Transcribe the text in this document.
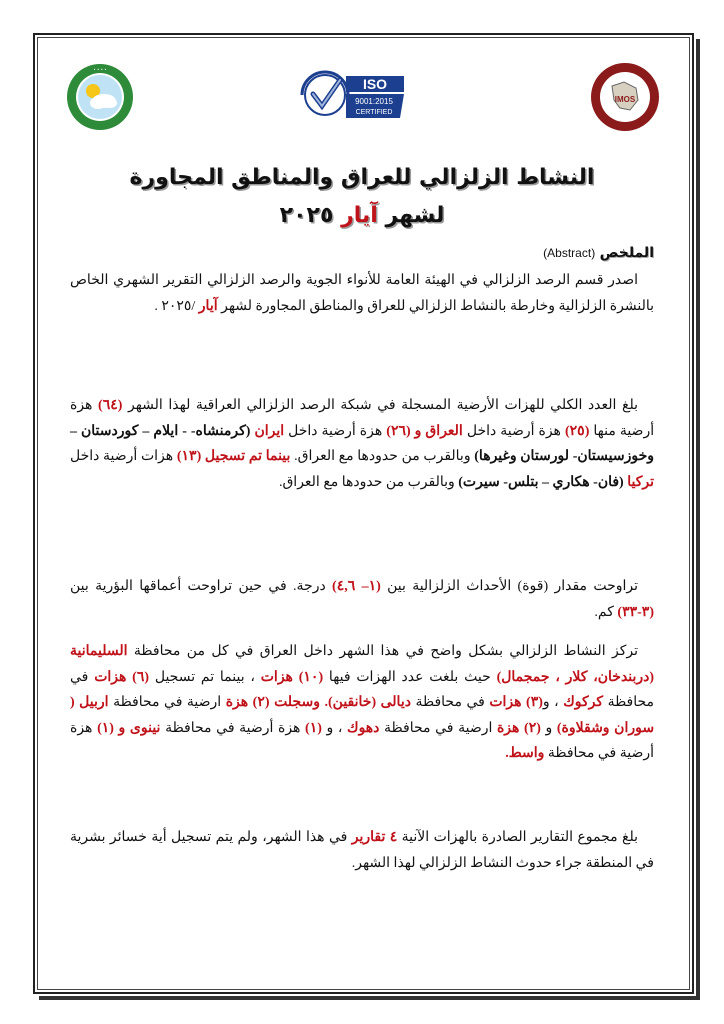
• • • •
ISO
9001:2015
CERTIFIED
IMOS
النشاط الزلزالي للعراق والمناطق المجاورة
لشهر آيار ٢٠٢٥
الملخص (Abstract)
اصدر قسم الرصد الزلزالي في الهيئة العامة للأنواء الجوية والرصد الزلزالي التقرير الشهري الخاص بالنشرة الزلزالية وخارطة بالنشاط الزلزالي للعراق والمناطق المجاورة لشهر آيار /٢٠٢٥ .
بلغ العدد الكلي للهزات الأرضية المسجلة في شبكة الرصد الزلزالي العراقية لهذا الشهر (٦٤) هزة أرضية منها (٢٥) هزة أرضية داخل العراق و (٢٦) هزة أرضية داخل ايران (كرمنشاه- - ايلام – كوردستان – وخوزسيستان- لورستان وغيرها) وبالقرب من حدودها مع العراق. بينما تم تسجيل (١٣) هزات أرضية داخل تركيا (فان- هكاري – بتلس- سيرت) وبالقرب من حدودها مع العراق.
تراوحت مقدار (قوة) الأحداث الزلزالية بين (١– ٤,٦) درجة. في حين تراوحت أعماقها البؤرية بين (٣-٣٣) كم.
تركز النشاط الزلزالي بشكل واضح في هذا الشهر داخل العراق في كل من محافظة السليمانية (دربندخان، كلار ، جمجمال) حيث بلغت عدد الهزات فيها (١٠) هزات ، بينما تم تسجيل (٦) هزات في محافظة كركوك ، و(٣) هزات في محافظة ديالى (خانقين). وسجلت (٢) هزة ارضية في محافظة اربيل ( سوران وشقلاوة) و (٢) هزة ارضية في محافظة دهوك ، و (١) هزة أرضية في محافظة نينوى و (١) هزة أرضية في محافظة واسط.
بلغ مجموع التقارير الصادرة بالهزات الآنية ٤ تقارير في هذا الشهر، ولم يتم تسجيل أية خسائر بشرية في المنطقة جراء حدوث النشاط الزلزالي لهذا الشهر.
